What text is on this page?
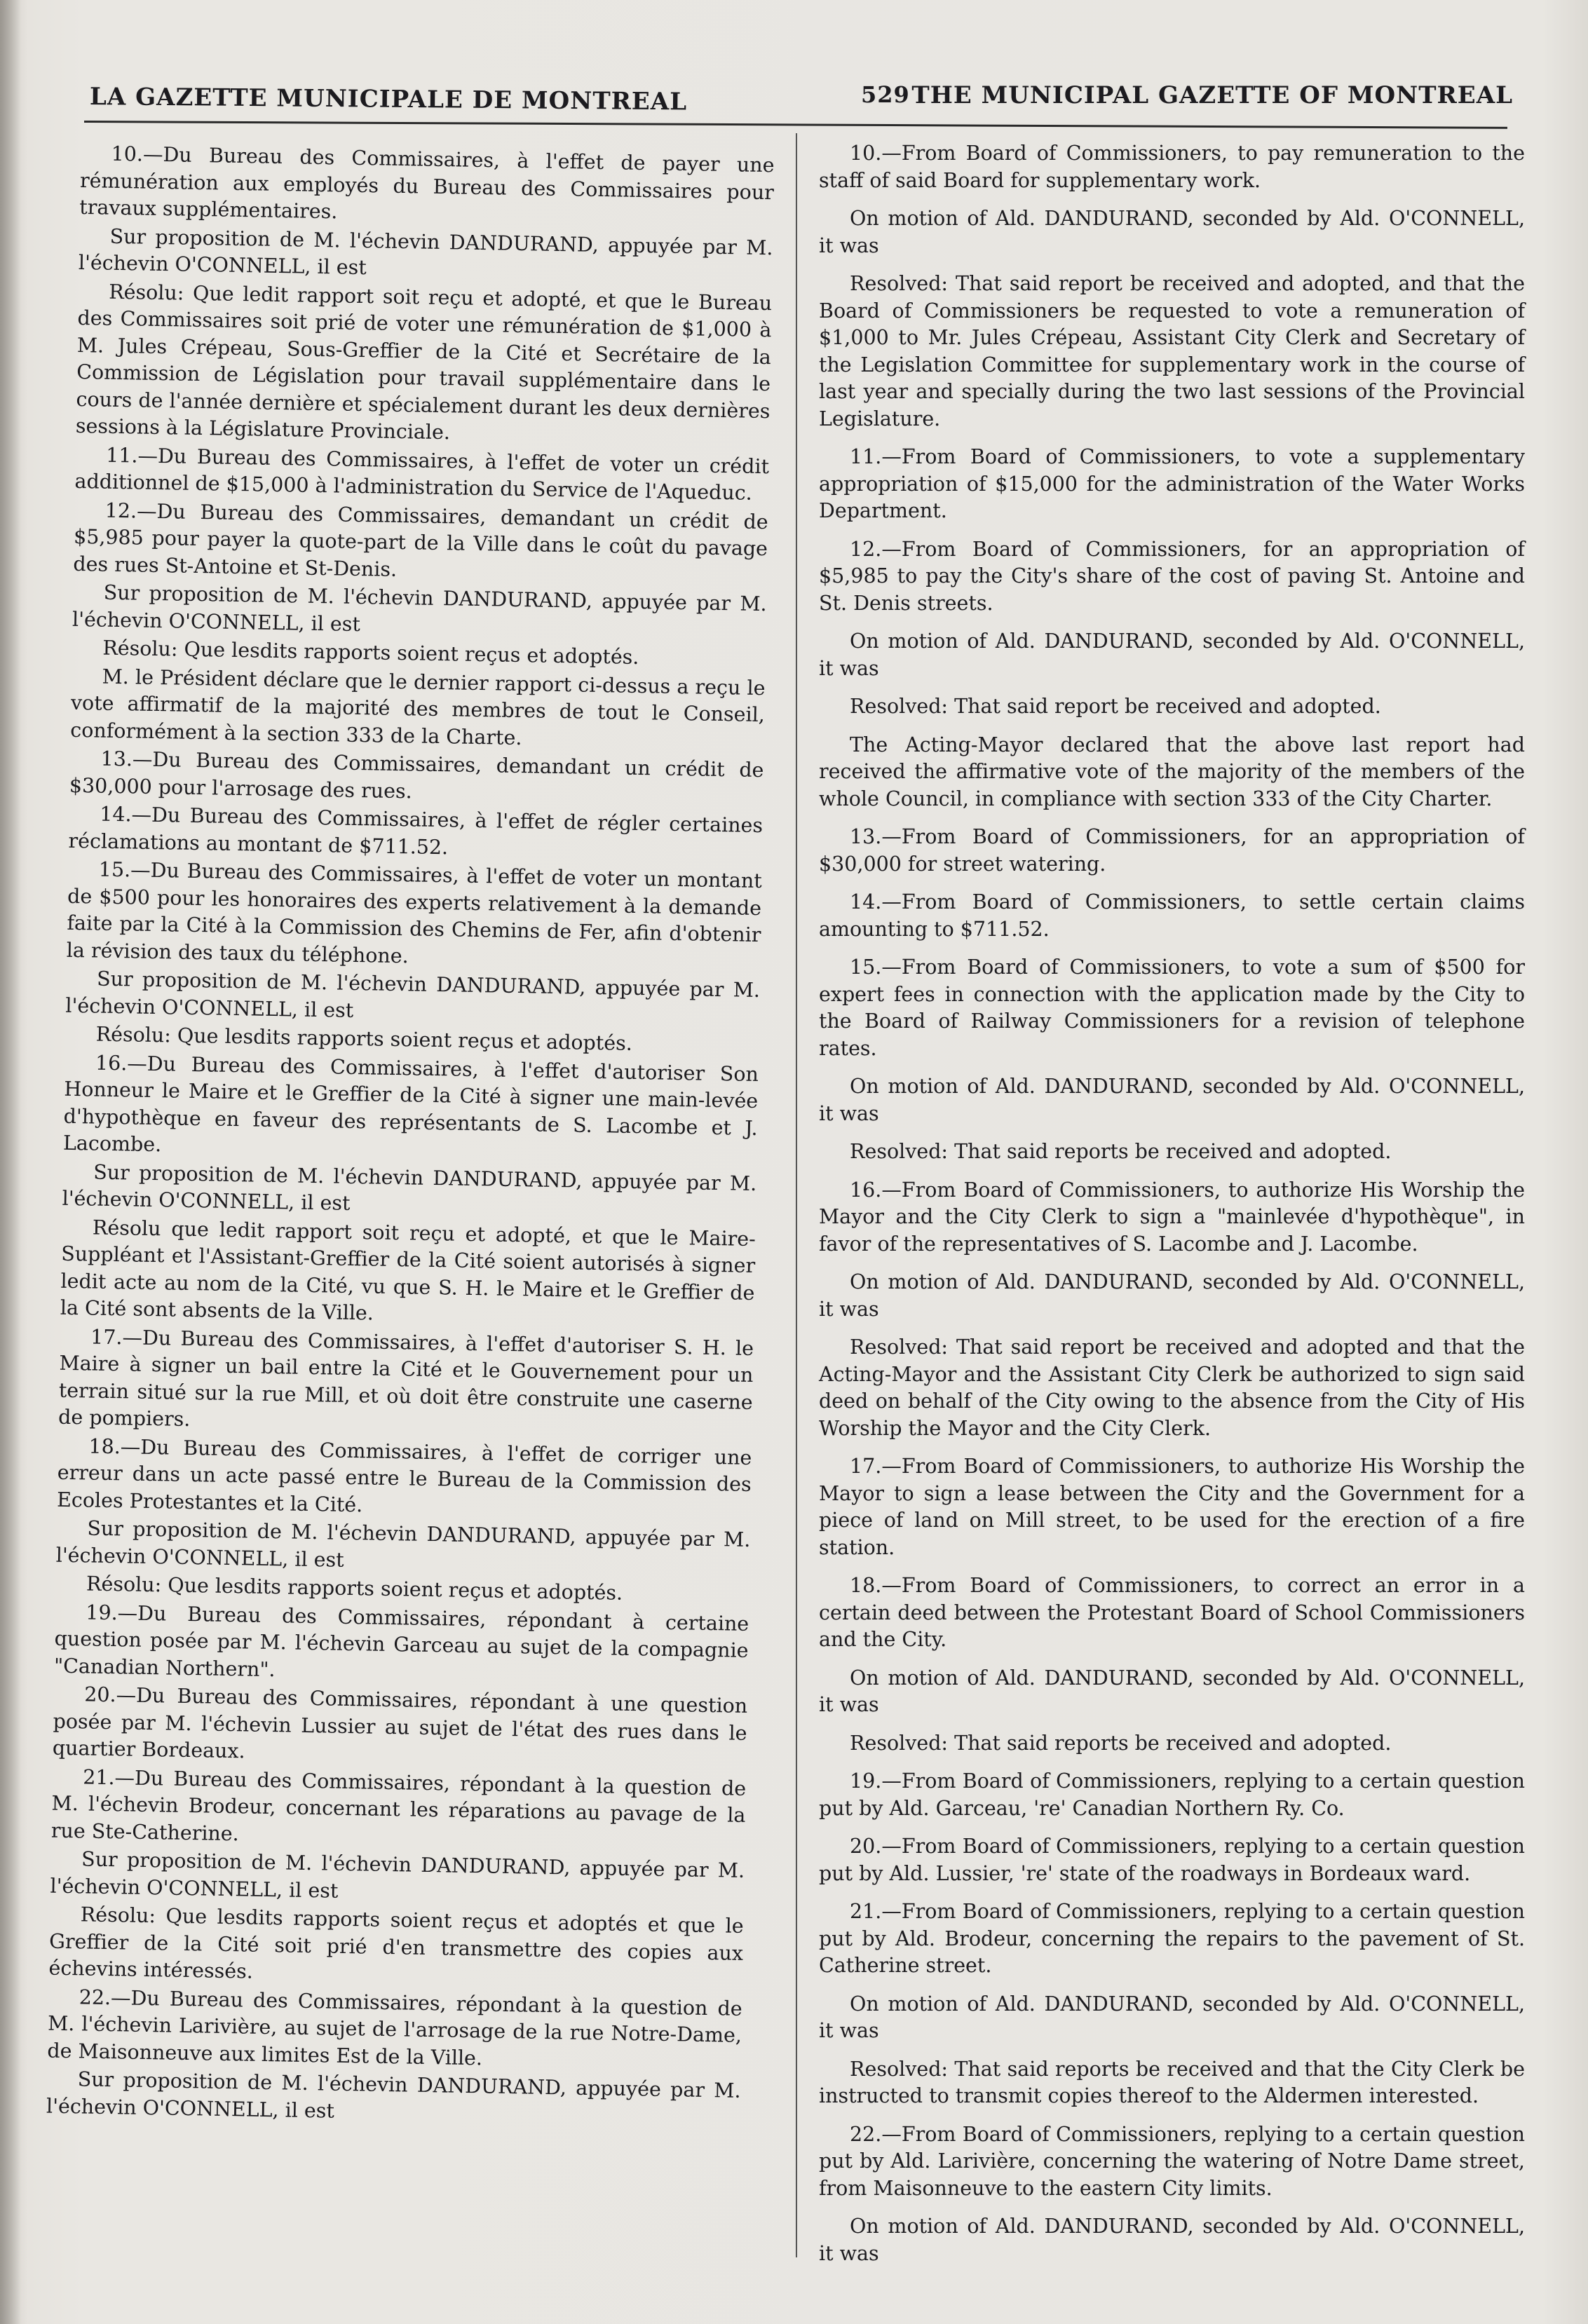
LA GAZETTE MUNICIPALE DE MONTREAL	529 THE MUNICIPAL GAZETTE OF MONTREAL

10.—Du Bureau des Commissaires, à l'effet de payer une rémunération aux employés du Bureau des Commissaires pour travaux supplémentaires.

Sur proposition de M. l'échevin DANDURAND, appuyée par M. l'échevin O'CONNELL, il est

Résolu: Que ledit rapport soit reçu et adopté, et que le Bureau des Commissaires soit prié de voter une rémunération de $1,000 à M. Jules Crépeau, Sous-Greffier de la Cité et Secrétaire de la Commission de Législation pour travail supplémentaire dans le cours de l'année dernière et spécialement durant les deux dernières sessions à la Législature Provinciale.

11.—Du Bureau des Commissaires, à l'effet de voter un crédit additionnel de $15,000 à l'administration du Service de l'Aqueduc.

12.—Du Bureau des Commissaires, demandant un crédit de $5,985 pour payer la quote-part de la Ville dans le coût du pavage des rues St-Antoine et St-Denis.

Sur proposition de M. l'échevin DANDURAND, appuyée par M. l'échevin O'CONNELL, il est

Résolu: Que lesdits rapports soient reçus et adoptés.

M. le Président déclare que le dernier rapport ci-dessus a reçu le vote affirmatif de la majorité des membres de tout le Conseil, conformément à la section 333 de la Charte.

13.—Du Bureau des Commissaires, demandant un crédit de $30,000 pour l'arrosage des rues.

14.—Du Bureau des Commissaires, à l'effet de régler certaines réclamations au montant de $711.52.

15.—Du Bureau des Commissaires, à l'effet de voter un montant de $500 pour les honoraires des experts relativement à la demande faite par la Cité à la Commission des Chemins de Fer, afin d'obtenir la révision des taux du téléphone.

Sur proposition de M. l'échevin DANDURAND, appuyée par M. l'échevin O'CONNELL, il est

Résolu: Que lesdits rapports soient reçus et adoptés.

16.—Du Bureau des Commissaires, à l'effet d'autoriser Son Honneur le Maire et le Greffier de la Cité à signer une main-levée d'hypothèque en faveur des représentants de S. Lacombe et J. Lacombe.

Sur proposition de M. l'échevin DANDURAND, appuyée par M. l'échevin O'CONNELL, il est

Résolu que ledit rapport soit reçu et adopté, et que le Maire-Suppléant et l'Assistant-Greffier de la Cité soient autorisés à signer ledit acte au nom de la Cité, vu que S. H. le Maire et le Greffier de la Cité sont absents de la Ville.

17.—Du Bureau des Commissaires, à l'effet d'autoriser S. H. le Maire à signer un bail entre la Cité et le Gouvernement pour un terrain situé sur la rue Mill, et où doit être construite une caserne de pompiers.

18.—Du Bureau des Commissaires, à l'effet de corriger une erreur dans un acte passé entre le Bureau de la Commission des Ecoles Protestantes et la Cité.

Sur proposition de M. l'échevin DANDURAND, appuyée par M. l'échevin O'CONNELL, il est

Résolu: Que lesdits rapports soient reçus et adoptés.

19.—Du Bureau des Commissaires, répondant à certaine question posée par M. l'échevin Garceau au sujet de la compagnie "Canadian Northern".

20.—Du Bureau des Commissaires, répondant à une question posée par M. l'échevin Lussier au sujet de l'état des rues dans le quartier Bordeaux.

21.—Du Bureau des Commissaires, répondant à la question de M. l'échevin Brodeur, concernant les réparations au pavage de la rue Ste-Catherine.

Sur proposition de M. l'échevin DANDURAND, appuyée par M. l'échevin O'CONNELL, il est

Résolu: Que lesdits rapports soient reçus et adoptés et que le Greffier de la Cité soit prié d'en transmettre des copies aux échevins intéressés.

22.—Du Bureau des Commissaires, répondant à la question de M. l'échevin Larivière, au sujet de l'arrosage de la rue Notre-Dame, de Maisonneuve aux limites Est de la Ville.

Sur proposition de M. l'échevin DANDURAND, appuyée par M. l'échevin O'CONNELL, il est

10.—From Board of Commissioners, to pay remuneration to the staff of said Board for supplementary work.

On motion of Ald. DANDURAND, seconded by Ald. O'CONNELL, it was

Resolved: That said report be received and adopted, and that the Board of Commissioners be requested to vote a remuneration of $1,000 to Mr. Jules Crépeau, Assistant City Clerk and Secretary of the Legislation Committee for supplementary work in the course of last year and specially during the two last sessions of the Provincial Legislature.

11.—From Board of Commissioners, to vote a supplementary appropriation of $15,000 for the administration of the Water Works Department.

12.—From Board of Commissioners, for an appropriation of $5,985 to pay the City's share of the cost of paving St. Antoine and St. Denis streets.

On motion of Ald. DANDURAND, seconded by Ald. O'CONNELL, it was

Resolved: That said report be received and adopted.

The Acting-Mayor declared that the above last report had received the affirmative vote of the majority of the members of the whole Council, in compliance with section 333 of the City Charter.

13.—From Board of Commissioners, for an appropriation of $30,000 for street watering.

14.—From Board of Commissioners, to settle certain claims amounting to $711.52.

15.—From Board of Commissioners, to vote a sum of $500 for expert fees in connection with the application made by the City to the Board of Railway Commissioners for a revision of telephone rates.

On motion of Ald. DANDURAND, seconded by Ald. O'CONNELL, it was

Resolved: That said reports be received and adopted.

16.—From Board of Commissioners, to authorize His Worship the Mayor and the City Clerk to sign a "mainlevée d'hypothèque", in favor of the representatives of S. Lacombe and J. Lacombe.

On motion of Ald. DANDURAND, seconded by Ald. O'CONNELL, it was

Resolved: That said report be received and adopted and that the Acting-Mayor and the Assistant City Clerk be authorized to sign said deed on behalf of the City owing to the absence from the City of His Worship the Mayor and the City Clerk.

17.—From Board of Commissioners, to authorize His Worship the Mayor to sign a lease between the City and the Government for a piece of land on Mill street, to be used for the erection of a fire station.

18.—From Board of Commissioners, to correct an error in a certain deed between the Protestant Board of School Commissioners and the City.

On motion of Ald. DANDURAND, seconded by Ald. O'CONNELL, it was

Resolved: That said reports be received and adopted.

19.—From Board of Commissioners, replying to a certain question put by Ald. Garceau, 're' Canadian Northern Ry. Co.

20.—From Board of Commissioners, replying to a certain question put by Ald. Lussier, 're' state of the roadways in Bordeaux ward.

21.—From Board of Commissioners, replying to a certain question put by Ald. Brodeur, concerning the repairs to the pavement of St. Catherine street.

On motion of Ald. DANDURAND, seconded by Ald. O'CONNELL, it was

Resolved: That said reports be received and that the City Clerk be instructed to transmit copies thereof to the Aldermen interested.

22.—From Board of Commissioners, replying to a certain question put by Ald. Larivière, concerning the watering of Notre Dame street, from Maisonneuve to the eastern City limits.

On motion of Ald. DANDURAND, seconded by Ald. O'CONNELL, it was
